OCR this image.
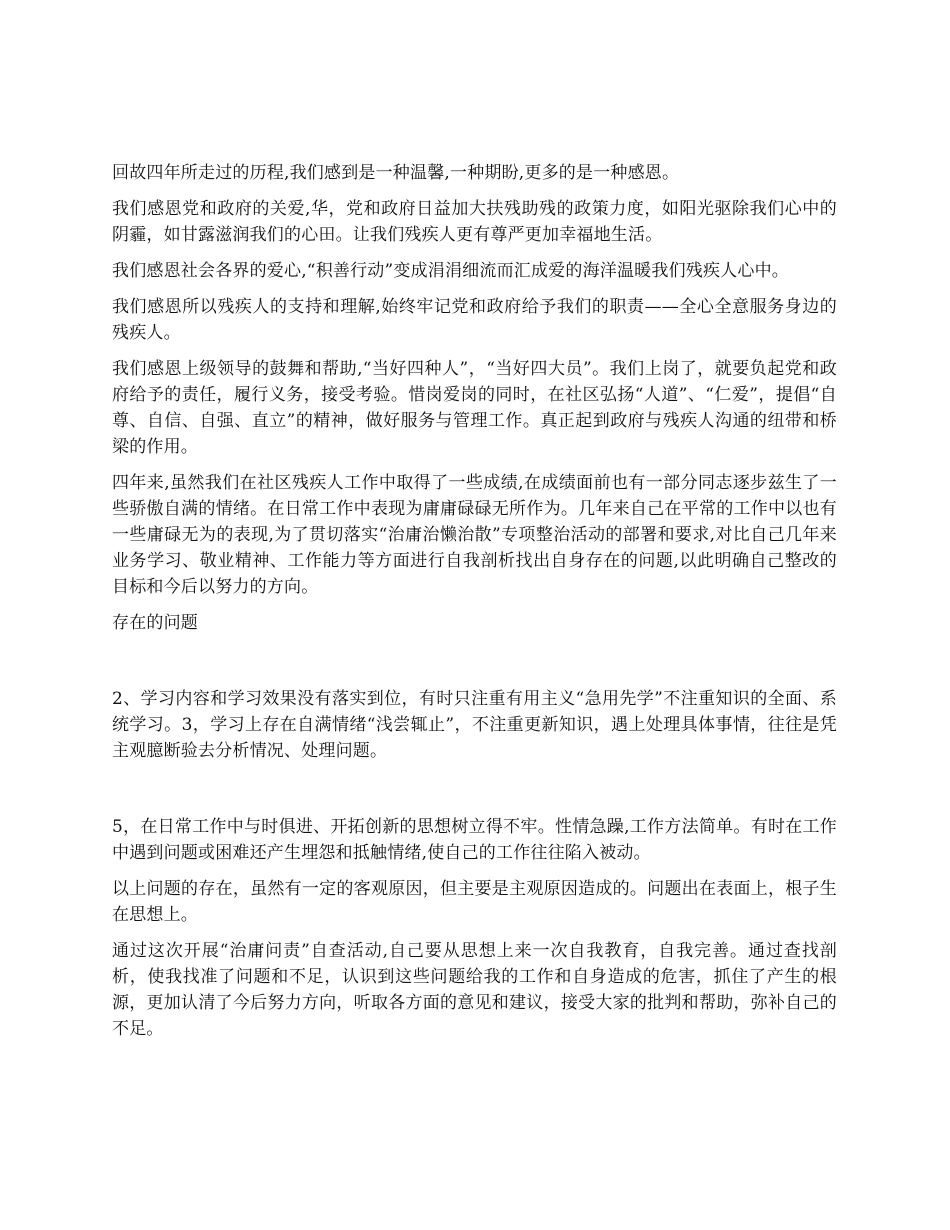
回故四年所走过的历程,我们感到是一种温馨,一种期盼,更多的是一种感恩。

我们感恩党和政府的关爱,华，党和政府日益加大扶残助残的政策力度，如阳光驱除我们心中的阴霾，如甘露滋润我们的心田。让我们残疾人更有尊严更加幸福地生活。

我们感恩社会各界的爱心,“积善行动”变成涓涓细流而汇成爱的海洋温暖我们残疾人心中。

我们感恩所以残疾人的支持和理解,始终牢记党和政府给予我们的职责——全心全意服务身边的残疾人。

我们感恩上级领导的鼓舞和帮助,“当好四种人”，“当好四大员”。我们上岗了，就要负起党和政府给予的责任，履行义务，接受考验。惜岗爱岗的同时，在社区弘扬“人道”、“仁爱”，提倡“自尊、自信、自强、直立”的精神，做好服务与管理工作。真正起到政府与残疾人沟通的纽带和桥梁的作用。

四年来,虽然我们在社区残疾人工作中取得了一些成绩,在成绩面前也有一部分同志逐步兹生了一些骄傲自满的情绪。在日常工作中表现为庸庸碌碌无所作为。几年来自己在平常的工作中以也有一些庸碌无为的表现,为了贯切落实“治庸治懒治散”专项整治活动的部署和要求,对比自己几年来业务学习、敬业精神、工作能力等方面进行自我剖析找出自身存在的问题,以此明确自己整改的目标和今后以努力的方向。

存在的问题

2、学习内容和学习效果没有落实到位，有时只注重有用主义“急用先学”不注重知识的全面、系统学习。3，学习上存在自满情绪“浅尝辄止”，不注重更新知识，遇上处理具体事情，往往是凭主观臆断验去分析情况、处理问题。

5，在日常工作中与时俱进、开拓创新的思想树立得不牢。性情急躁,工作方法简单。有时在工作中遇到问题或困难还产生埋怨和抵触情绪,使自己的工作往往陷入被动。

以上问题的存在，虽然有一定的客观原因，但主要是主观原因造成的。问题出在表面上，根子生在思想上。

通过这次开展“治庸问责”自查活动,自己要从思想上来一次自我教育，自我完善。通过查找剖析，使我找准了问题和不足，认识到这些问题给我的工作和自身造成的危害，抓住了产生的根源，更加认清了今后努力方向，听取各方面的意见和建议，接受大家的批判和帮助，弥补自己的不足。
